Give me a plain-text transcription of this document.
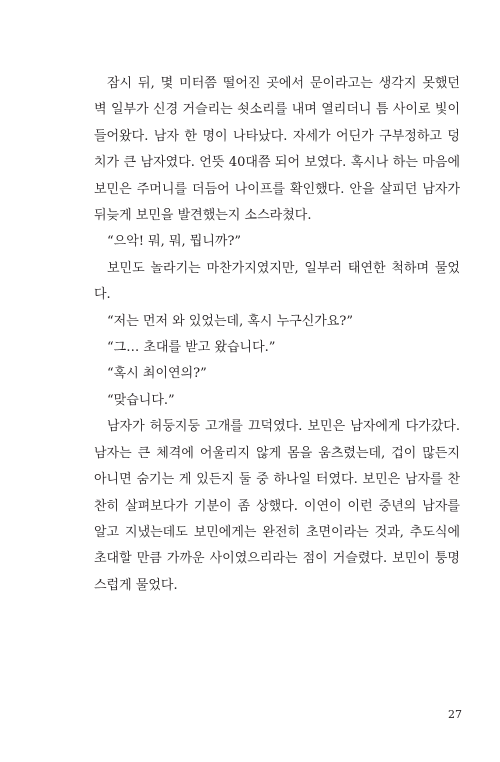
잠시 뒤, 몇 미터쯤 떨어진 곳에서 문이라고는 생각지 못했던 벽 일부가 신경 거슬리는 쇳소리를 내며 열리더니 틈 사이로 빛이 들어왔다. 남자 한 명이 나타났다. 자세가 어딘가 구부정하고 덩치가 큰 남자였다. 언뜻 40대쯤 되어 보였다. 혹시나 하는 마음에 보민은 주머니를 더듬어 나이프를 확인했다. 안을 살피던 남자가 뒤늦게 보민을 발견했는지 소스라쳤다.

“으악! 뭐, 뭐, 뭡니까?”

보민도 놀라기는 마찬가지였지만, 일부러 태연한 척하며 물었다.

“저는 먼저 와 있었는데, 혹시 누구신가요?”

“그… 초대를 받고 왔습니다.”

“혹시 최이연의?”

“맞습니다.”

남자가 허둥지둥 고개를 끄덕였다. 보민은 남자에게 다가갔다. 남자는 큰 체격에 어울리지 않게 몸을 움츠렸는데, 겁이 많든지 아니면 숨기는 게 있든지 둘 중 하나일 터였다. 보민은 남자를 찬찬히 살펴보다가 기분이 좀 상했다. 이연이 이런 중년의 남자를 알고 지냈는데도 보민에게는 완전히 초면이라는 것과, 추도식에 초대할 만큼 가까운 사이였으리라는 점이 거슬렸다. 보민이 퉁명스럽게 물었다.

27
